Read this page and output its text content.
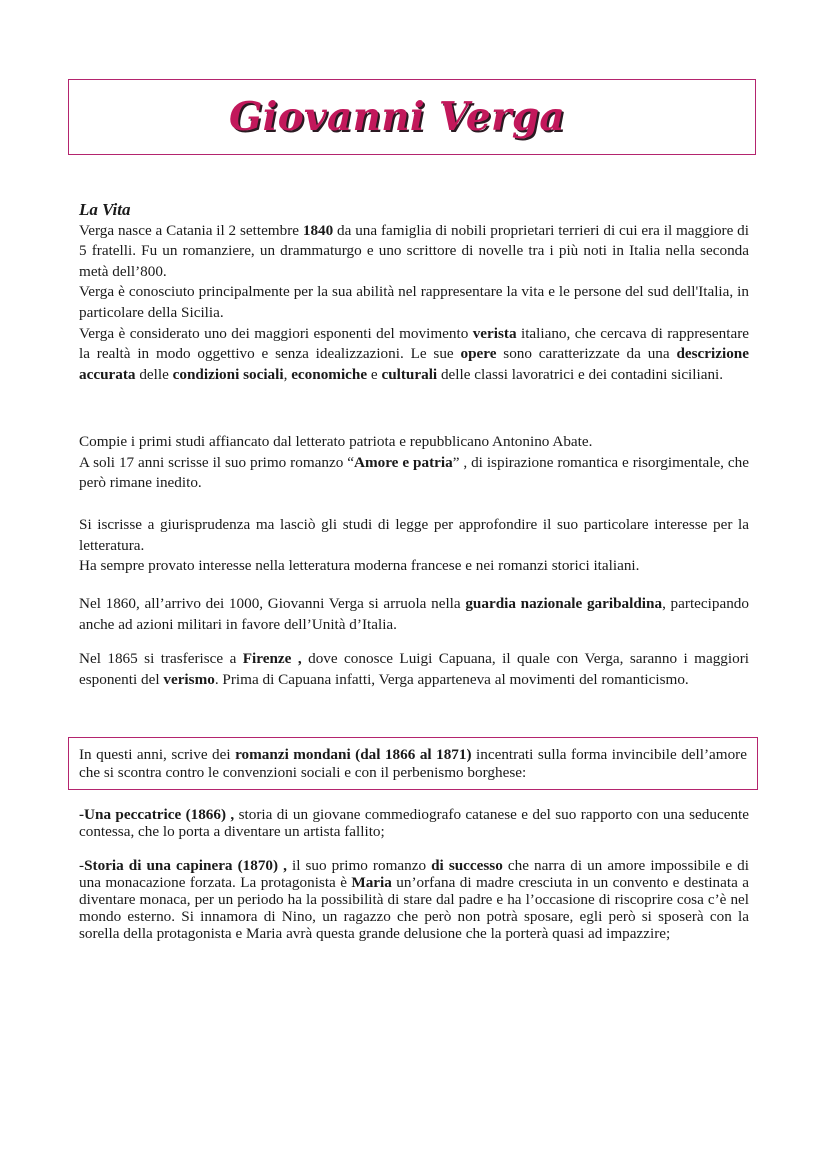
Giovanni Verga

La Vita

Verga nasce a Catania il 2 settembre 1840 da una famiglia di nobili proprietari terrieri di cui era il maggiore di 5 fratelli. Fu un romanziere, un drammaturgo e uno scrittore di novelle tra i più noti in Italia nella seconda metà dell’800.

Verga è conosciuto principalmente per la sua abilità nel rappresentare la vita e le persone del sud dell'Italia, in particolare della Sicilia.

Verga è considerato uno dei maggiori esponenti del movimento verista italiano, che cercava di rappresentare la realtà in modo oggettivo e senza idealizzazioni. Le sue opere sono caratterizzate da una descrizione accurata delle condizioni sociali, economiche e culturali delle classi lavoratrici e dei contadini siciliani.

Compie i primi studi affiancato dal letterato patriota e repubblicano Antonino Abate.

A soli 17 anni scrisse il suo primo romanzo “Amore e patria” , di ispirazione romantica e risorgimentale, che però rimane inedito.

Si iscrisse a giurisprudenza ma lasciò gli studi di legge per approfondire il suo particolare interesse per la letteratura.

Ha sempre provato interesse nella letteratura moderna francese e nei romanzi storici italiani.

Nel 1860, all’arrivo dei 1000, Giovanni Verga si arruola nella guardia nazionale garibaldina, partecipando anche ad azioni militari in favore dell’Unità d’Italia.

Nel 1865 si trasferisce a Firenze , dove conosce Luigi Capuana, il quale con Verga, saranno i maggiori esponenti del verismo. Prima di Capuana infatti, Verga apparteneva al movimenti del romanticismo.

In questi anni, scrive dei romanzi mondani (dal 1866 al 1871) incentrati sulla forma invincibile dell’amore che si scontra contro le convenzioni sociali e con il perbenismo borghese:

-Una peccatrice (1866) , storia di un giovane commediografo catanese e del suo rapporto con una seducente contessa, che lo porta a diventare un artista fallito;

-Storia di una capinera (1870) , il suo primo romanzo di successo che narra di un amore impossibile e di una monacazione forzata. La protagonista è Maria un’orfana di madre cresciuta in un convento e destinata a diventare monaca, per un periodo ha la possibilità di stare dal padre e ha l’occasione di riscoprire cosa c’è nel mondo esterno. Si innamora di Nino, un ragazzo che però non potrà sposare, egli però si sposerà con la sorella della protagonista e Maria avrà questa grande delusione che la porterà quasi ad impazzire;
